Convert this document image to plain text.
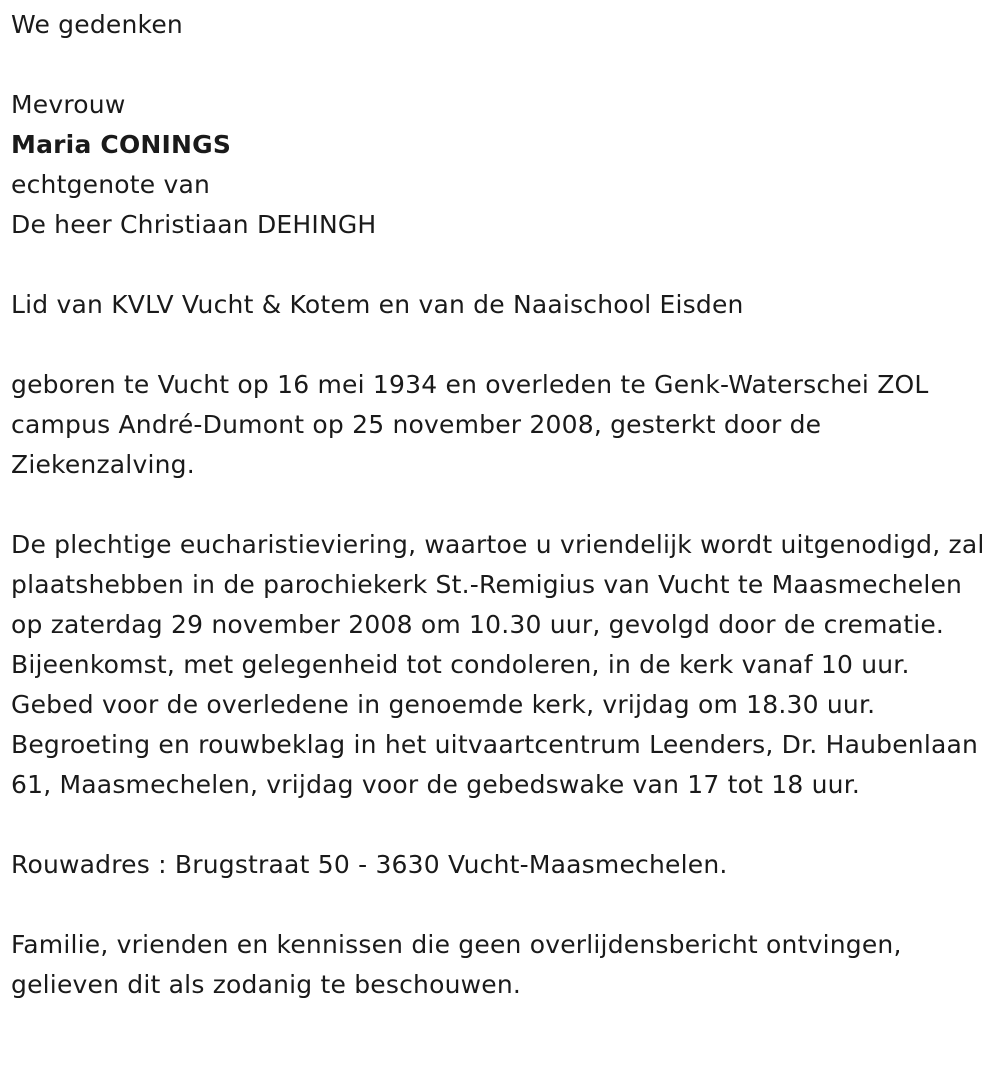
We gedenken

Mevrouw

Maria CONINGS

echtgenote van

De heer Christiaan DEHINGH

Lid van KVLV Vucht & Kotem en van de Naaischool Eisden

geboren te Vucht op 16 mei 1934 en overleden te Genk-Waterschei ZOL campus André-Dumont op 25 november 2008, gesterkt door de Ziekenzalving.

De plechtige eucharistieviering, waartoe u vriendelijk wordt uitgenodigd, zal plaatshebben in de parochiekerk St.-Remigius van Vucht te Maasmechelen op zaterdag 29 november 2008 om 10.30 uur, gevolgd door de crematie. Bijeenkomst, met gelegenheid tot condoleren, in de kerk vanaf 10 uur. Gebed voor de overledene in genoemde kerk, vrijdag om 18.30 uur. Begroeting en rouwbeklag in het uitvaartcentrum Leenders, Dr. Haubenlaan 61, Maasmechelen, vrijdag voor de gebedswake van 17 tot 18 uur.

Rouwadres : Brugstraat 50 - 3630 Vucht-Maasmechelen.

Familie, vrienden en kennissen die geen overlijdensbericht ontvingen, gelieven dit als zodanig te beschouwen.
